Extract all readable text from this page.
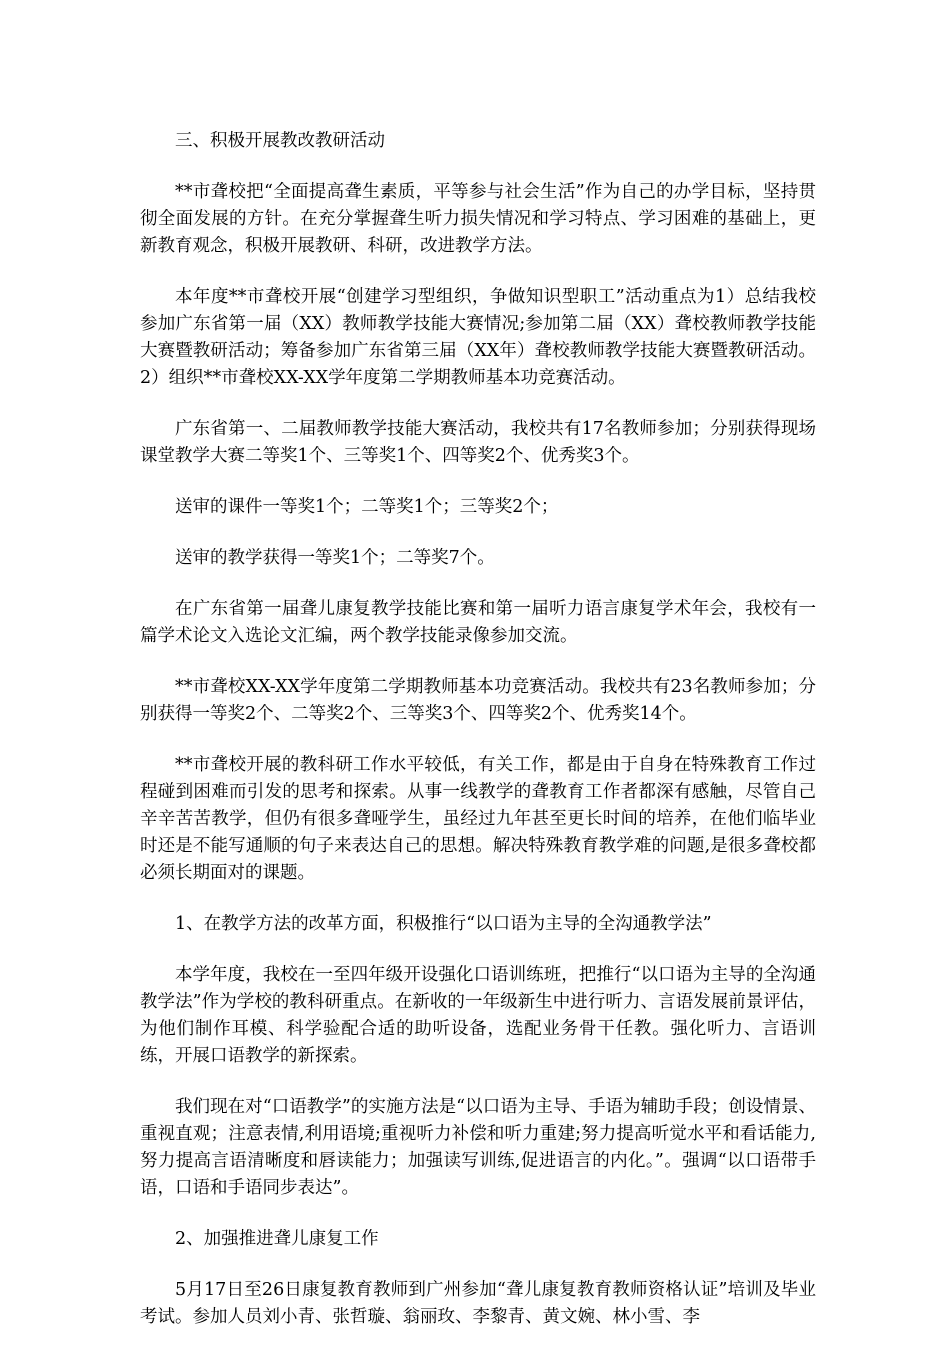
三、积极开展教改教研活动

**市聋校把“全面提高聋生素质，平等参与社会生活”作为自己的办学目标，坚持贯彻全面发展的方针。在充分掌握聋生听力损失情况和学习特点、学习困难的基础上，更新教育观念，积极开展教研、科研，改进教学方法。

本年度**市聋校开展“创建学习型组织，争做知识型职工”活动重点为1）总结我校参加广东省第一届（XX）教师教学技能大赛情况;参加第二届（XX）聋校教师教学技能大赛暨教研活动；筹备参加广东省第三届（XX年）聋校教师教学技能大赛暨教研活动。2）组织**市聋校XX-XX学年度第二学期教师基本功竞赛活动。

广东省第一、二届教师教学技能大赛活动，我校共有17名教师参加；分别获得现场课堂教学大赛二等奖1个、三等奖1个、四等奖2个、优秀奖3个。

送审的课件一等奖1个；二等奖1个；三等奖2个；

送审的教学获得一等奖1个；二等奖7个。

在广东省第一届聋儿康复教学技能比赛和第一届听力语言康复学术年会，我校有一篇学术论文入选论文汇编，两个教学技能录像参加交流。

**市聋校XX-XX学年度第二学期教师基本功竞赛活动。我校共有23名教师参加；分别获得一等奖2个、二等奖2个、三等奖3个、四等奖2个、优秀奖14个。

**市聋校开展的教科研工作水平较低，有关工作，都是由于自身在特殊教育工作过程碰到困难而引发的思考和探索。从事一线教学的聋教育工作者都深有感触，尽管自己辛辛苦苦教学，但仍有很多聋哑学生，虽经过九年甚至更长时间的培养，在他们临毕业时还是不能写通顺的句子来表达自己的思想。解决特殊教育教学难的问题,是很多聋校都必须长期面对的课题。

1、在教学方法的改革方面，积极推行“以口语为主导的全沟通教学法”

本学年度，我校在一至四年级开设强化口语训练班，把推行“以口语为主导的全沟通教学法”作为学校的教科研重点。在新收的一年级新生中进行听力、言语发展前景评估，为他们制作耳模、科学验配合适的助听设备，选配业务骨干任教。强化听力、言语训练，开展口语教学的新探索。

我们现在对“口语教学”的实施方法是“以口语为主导、手语为辅助手段；创设情景、重视直观；注意表情,利用语境;重视听力补偿和听力重建;努力提高听觉水平和看话能力,努力提高言语清晰度和唇读能力；加强读写训练,促进语言的内化。”。强调“以口语带手语，口语和手语同步表达”。

2、加强推进聋儿康复工作

5月17日至26日康复教育教师到广州参加“聋儿康复教育教师资格认证”培训及毕业考试。参加人员刘小青、张哲璇、翁丽玫、李黎青、黄文婉、林小雪、李
